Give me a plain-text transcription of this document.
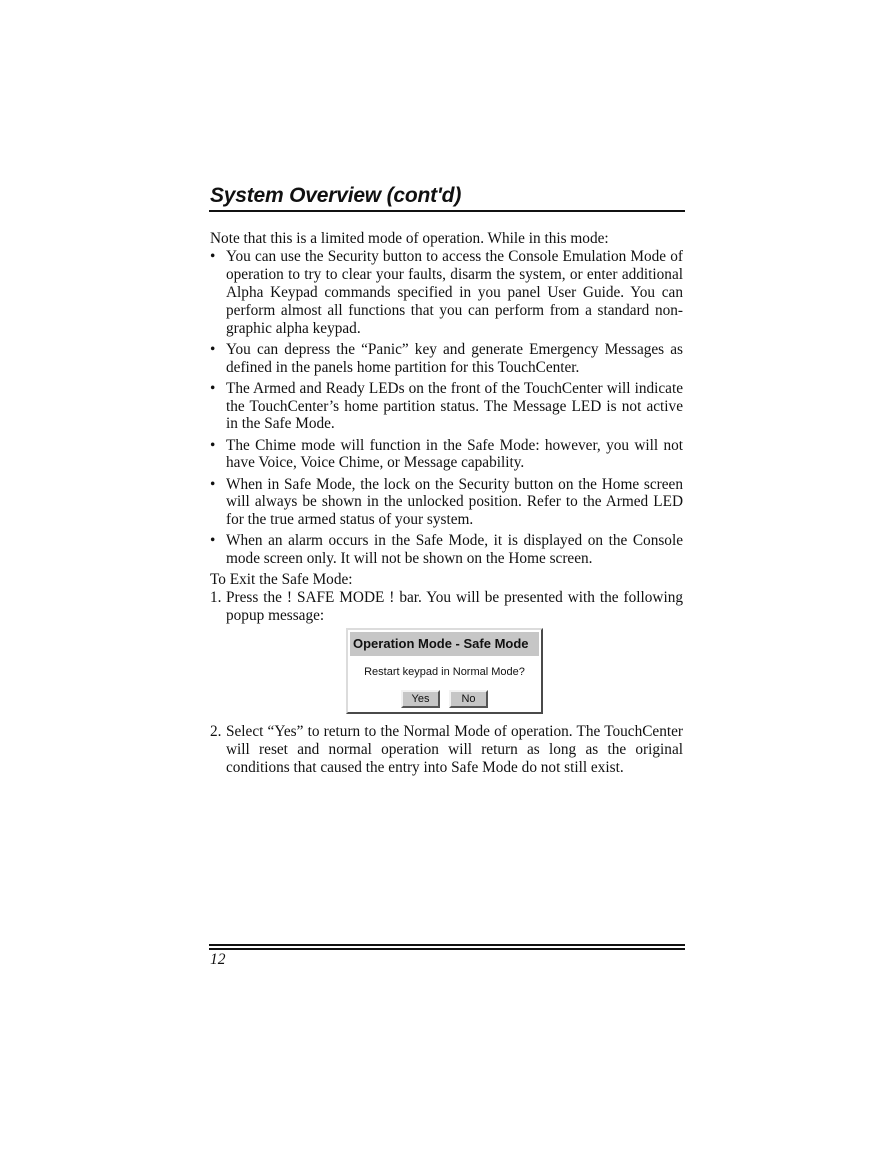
System Overview (cont'd)

Note that this is a limited mode of operation. While in this mode:

• You can use the Security button to access the Console Emulation Mode of operation to try to clear your faults, disarm the system, or enter additional Alpha Keypad commands specified in you panel User Guide. You can perform almost all functions that you can perform from a standard non-graphic alpha keypad.
• You can depress the “Panic” key and generate Emergency Messages as defined in the panels home partition for this TouchCenter.
• The Armed and Ready LEDs on the front of the TouchCenter will indicate the TouchCenter’s home partition status. The Message LED is not active in the Safe Mode.
• The Chime mode will function in the Safe Mode: however, you will not have Voice, Voice Chime, or Message capability.
• When in Safe Mode, the lock on the Security button on the Home screen will always be shown in the unlocked position. Refer to the Armed LED for the true armed status of your system.
• When an alarm occurs in the Safe Mode, it is displayed on the Console mode screen only. It will not be shown on the Home screen.

To Exit the Safe Mode:

1. Press the ! SAFE MODE ! bar. You will be presented with the following popup message:
Operation Mode - Safe Mode
Restart keypad in Normal Mode?
Yes	No
2. Select “Yes” to return to the Normal Mode of operation. The TouchCenter will reset and normal operation will return as long as the original conditions that caused the entry into Safe Mode do not still exist.
12
